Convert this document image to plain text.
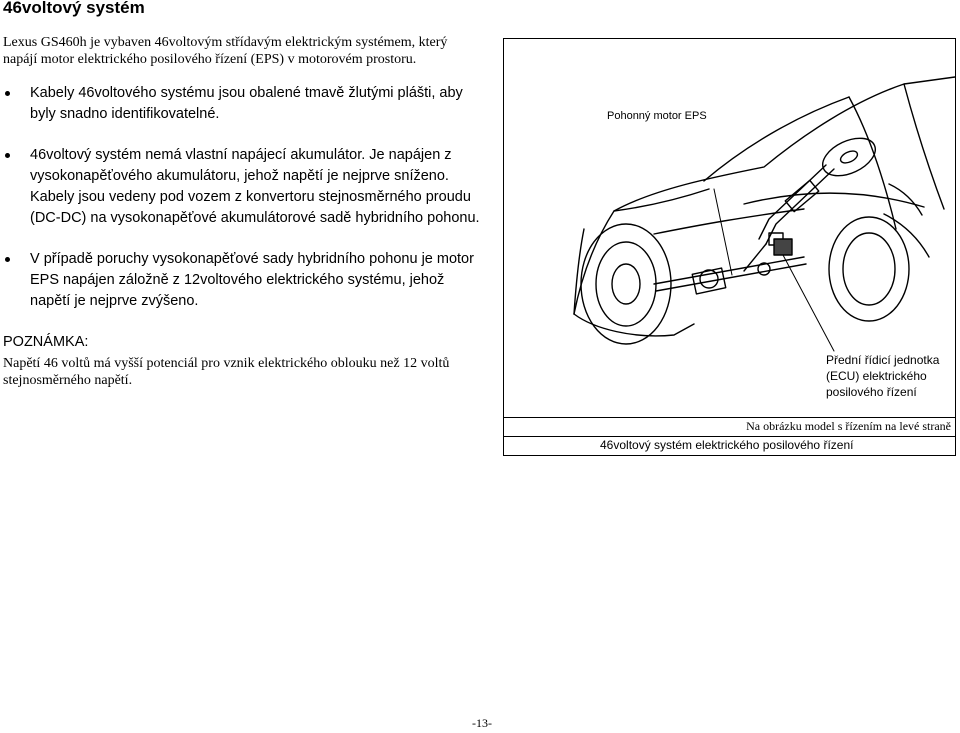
46voltový systém

Lexus GS460h je vybaven 46voltovým střídavým elektrickým systémem, který napájí motor elektrického posilového řízení (EPS) v motorovém prostoru.

Kabely 46voltového systému jsou obalené tmavě žlutými plášti, aby byly snadno identifikovatelné.
46voltový systém nemá vlastní napájecí akumulátor. Je napájen z vysokonapěťového akumulátoru, jehož napětí je nejprve sníženo. Kabely jsou vedeny pod vozem z konvertoru stejnosměrného proudu (DC-DC) na vysokonapěťové akumulátorové sadě hybridního pohonu.
V případě poruchy vysokonapěťové sady hybridního pohonu je motor EPS napájen záložně z 12voltového elektrického systému, jehož napětí je nejprve zvýšeno.
POZNÁMKA:
Napětí 46 voltů má vyšší potenciál pro vznik elektrického oblouku než 12 voltů stejnosměrného napětí.
Pohonný motor EPS
Přední řídicí jednotka (ECU) elektrického posilového řízení
Na obrázku model s řízením na levé straně
46voltový systém elektrického posilového řízení
-13-
